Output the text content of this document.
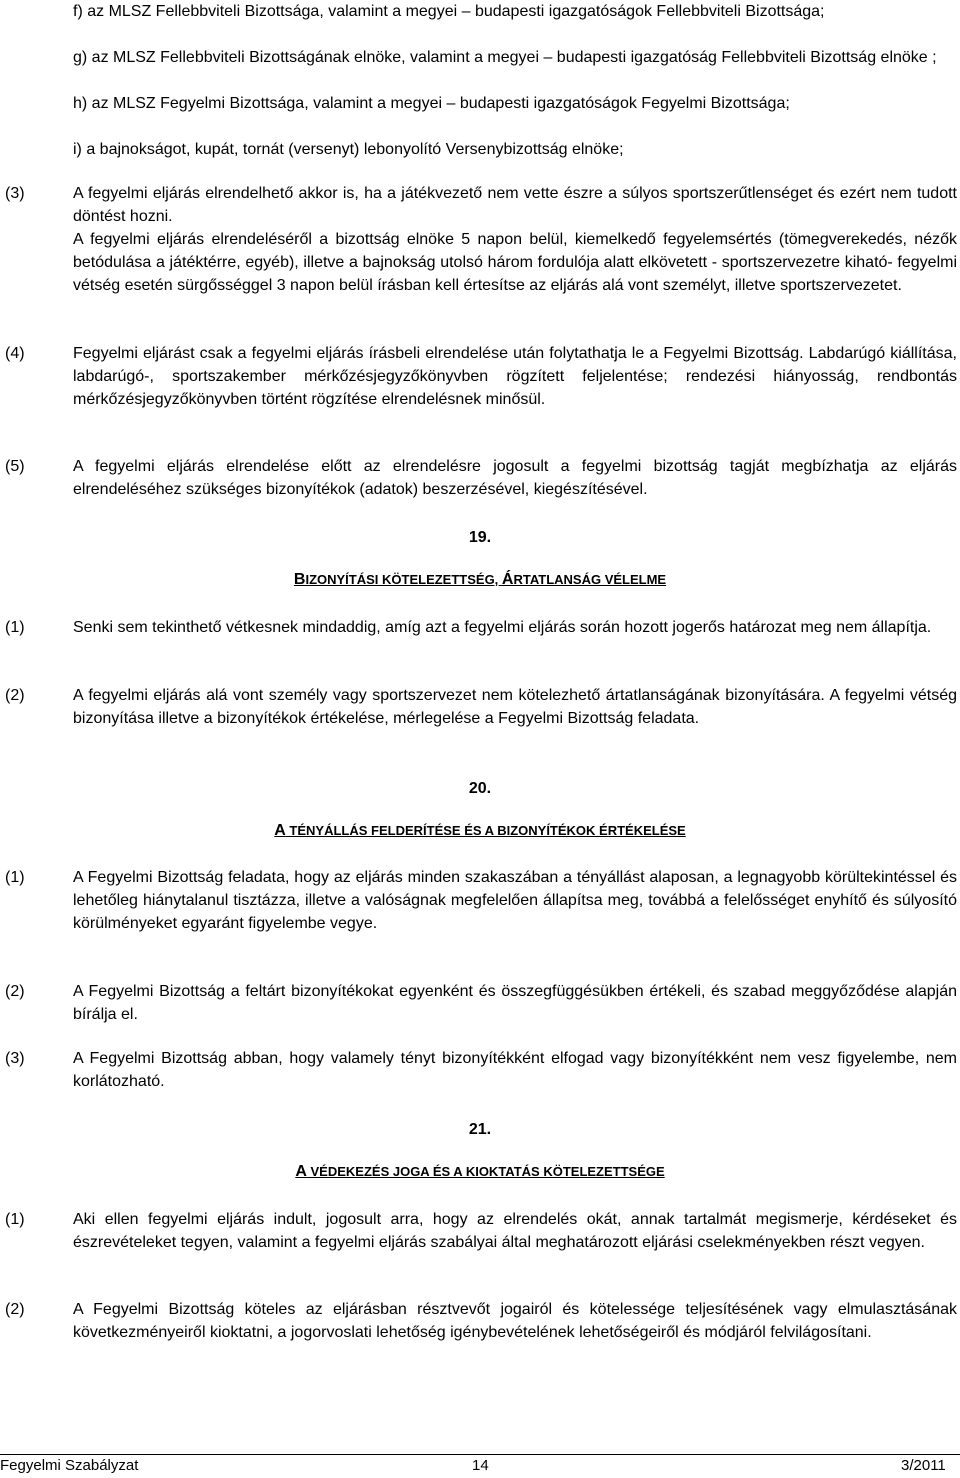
f) az MLSZ Fellebbviteli Bizottsága, valamint a megyei – budapesti igazgatóságok Fellebbviteli Bizottsága;
g) az MLSZ Fellebbviteli Bizottságának elnöke, valamint a megyei – budapesti igazgatóság Fellebbviteli Bizottság elnöke ;
h) az MLSZ Fegyelmi Bizottsága, valamint a megyei – budapesti igazgatóságok Fegyelmi Bizottsága;
i) a bajnokságot, kupát, tornát (versenyt) lebonyolító Versenybizottság elnöke;
(3)	A fegyelmi eljárás elrendelhető akkor is, ha a játékvezető nem vette észre a súlyos sportszerűtlenséget és ezért nem tudott döntést hozni.

A fegyelmi eljárás elrendeléséről a bizottság elnöke 5 napon belül, kiemelkedő fegyelemsértés (tömegverekedés, nézők betódulása a játéktérre, egyéb), illetve a bajnokság utolsó három fordulója alatt elkövetett - sportszervezetre kiható- fegyelmi vétség esetén sürgősséggel 3 napon belül írásban kell értesítse az eljárás alá vont személyt, illetve sportszervezetet.

(4)	Fegyelmi eljárást csak a fegyelmi eljárás írásbeli elrendelése után folytathatja le a Fegyelmi Bizottság. Labdarúgó kiállítása, labdarúgó-, sportszakember mérkőzésjegyzőkönyvben rögzített feljelentése; rendezési hiányosság, rendbontás mérkőzésjegyzőkönyvben történt rögzítése elrendelésnek minősül.
(5)	A fegyelmi eljárás elrendelése előtt az elrendelésre jogosult a fegyelmi bizottság tagját megbízhatja az eljárás elrendeléséhez szükséges bizonyítékok (adatok) beszerzésével, kiegészítésével.
19.
BIZONYÍTÁSI KÖTELEZETTSÉG, ÁRTATLANSÁG VÉLELME
(1)	Senki sem tekinthető vétkesnek mindaddig, amíg azt a fegyelmi eljárás során hozott jogerős határozat meg nem állapítja.
(2)	A fegyelmi eljárás alá vont személy vagy sportszervezet nem kötelezhető ártatlanságának bizonyítására. A fegyelmi vétség bizonyítása illetve a bizonyítékok értékelése, mérlegelése a Fegyelmi Bizottság feladata.
20.
A TÉNYÁLLÁS FELDERÍTÉSE ÉS A BIZONYÍTÉKOK ÉRTÉKELÉSE
(1)	A Fegyelmi Bizottság feladata, hogy az eljárás minden szakaszában a tényállást alaposan, a legnagyobb körültekintéssel és lehetőleg hiánytalanul tisztázza, illetve a valóságnak megfelelően állapítsa meg, továbbá a felelősséget enyhítő és súlyosító körülményeket egyaránt figyelembe vegye.
(2)	A Fegyelmi Bizottság a feltárt bizonyítékokat egyenként és összegfüggésükben értékeli, és szabad meggyőződése alapján bírálja el.
(3)	A Fegyelmi Bizottság abban, hogy valamely tényt bizonyítékként elfogad vagy bizonyítékként nem vesz figyelembe, nem korlátozható.
21.
A VÉDEKEZÉS JOGA ÉS A KIOKTATÁS KÖTELEZETTSÉGE
(1)	Aki ellen fegyelmi eljárás indult, jogosult arra, hogy az elrendelés okát, annak tartalmát megismerje, kérdéseket és észrevételeket tegyen, valamint a fegyelmi eljárás szabályai által meghatározott eljárási cselekményekben részt vegyen.
(2)	A Fegyelmi Bizottság köteles az eljárásban résztvevőt jogairól és kötelessége teljesítésének vagy elmulasztásának következményeiről kioktatni, a jogorvoslati lehetőség igénybevételének lehetőségeiről és módjáról felvilágosítani.
Fegyelmi Szabályzat	14	3/2011
